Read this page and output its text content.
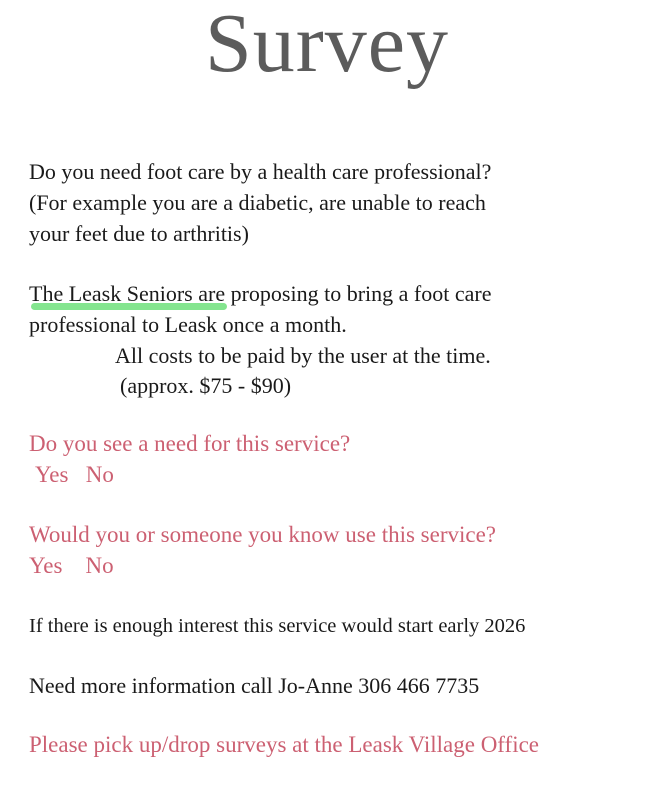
Survey
Do you need foot care by a health care professional?
(For example you are a diabetic, are unable to reach
your feet due to arthritis)
The Leask Seniors are proposing to bring a foot care
professional to Leask once a month.
All costs to be paid by the user at the time.
(approx. $75 - $90)
Do you see a need for this service?
Yes   No
Would you or someone you know use this service?
Yes    No
If there is enough interest this service would start early 2026
Need more information call Jo-Anne 306 466 7735
Please pick up/drop surveys at the Leask Village Office
